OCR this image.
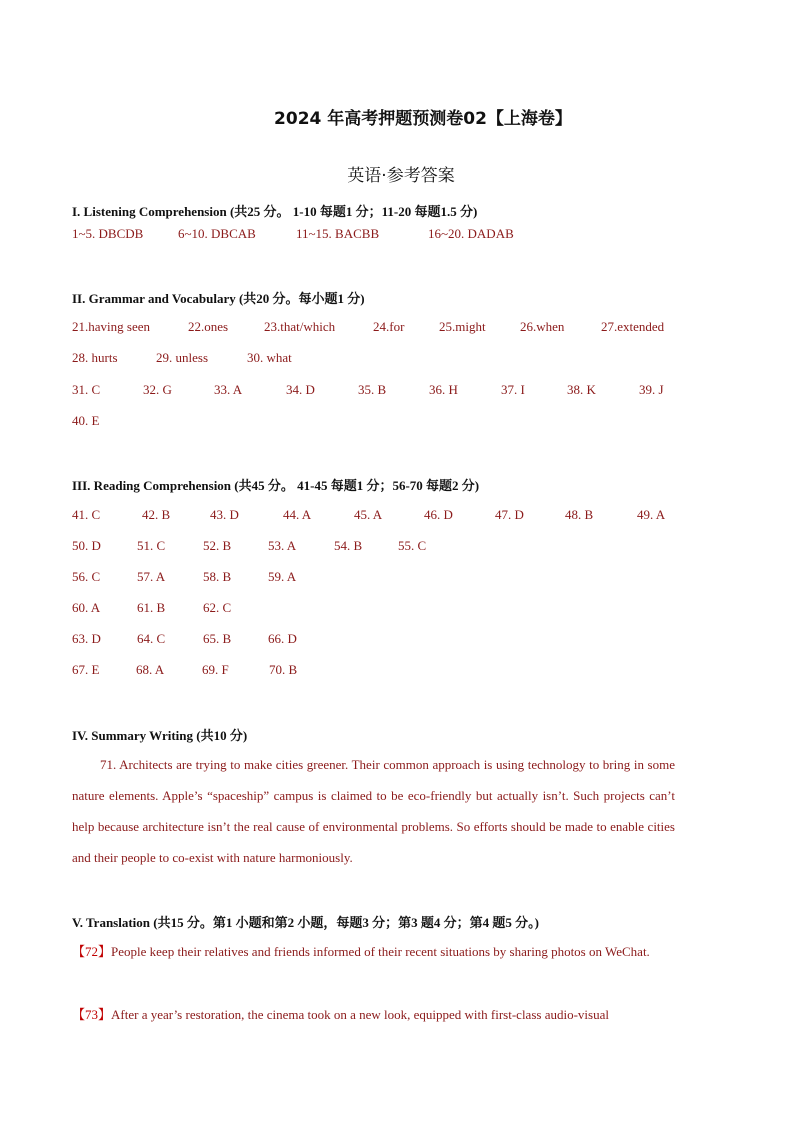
2024 年高考押题预测卷02【上海卷】
英语·参考答案
I. Listening Comprehension (共25 分。 1-10 每题1 分；11-20 每题1.5 分)
1~5. DBCDB	6~10. DBCAB	11~15. BACBB	16~20. DADAB
II. Grammar and Vocabulary (共20 分。每小题1 分)
21.having seen	22.ones	23.that/which	24.for	25.might	26.when	27.extended
28. hurts	29. unless	30. what
31. C	32. G	33. A	34. D	35. B	36. H	37. I	38. K	39. J
40. E
III. Reading Comprehension (共45 分。 41-45 每题1 分；56-70 每题2 分)
41. C	42. B	43. D	44. A	45. A	46. D	47. D	48. B	49. A
50. D	51. C	52. B	53. A	54. B	55. C
56. C	57. A	58. B	59. A
60. A	61. B	62. C
63. D	64. C	65. B	66. D
67. E	68. A	69. F	70. B
IV. Summary Writing (共10 分)
71. Architects are trying to make cities greener. Their common approach is using technology to bring in some nature elements. Apple’s “spaceship” campus is claimed to be eco-friendly but actually isn’t. Such projects can’t help because architecture isn’t the real cause of environmental problems. So efforts should be made to enable cities and their people to co-exist with nature harmoniously.
V. Translation (共15 分。第1 小题和第2 小题，每题3 分；第3 题4 分；第4 题5 分。)
【72】People keep their relatives and friends informed of their recent situations by sharing photos on WeChat.
【73】After a year’s restoration, the cinema took on a new look, equipped with first-class audio-visual
